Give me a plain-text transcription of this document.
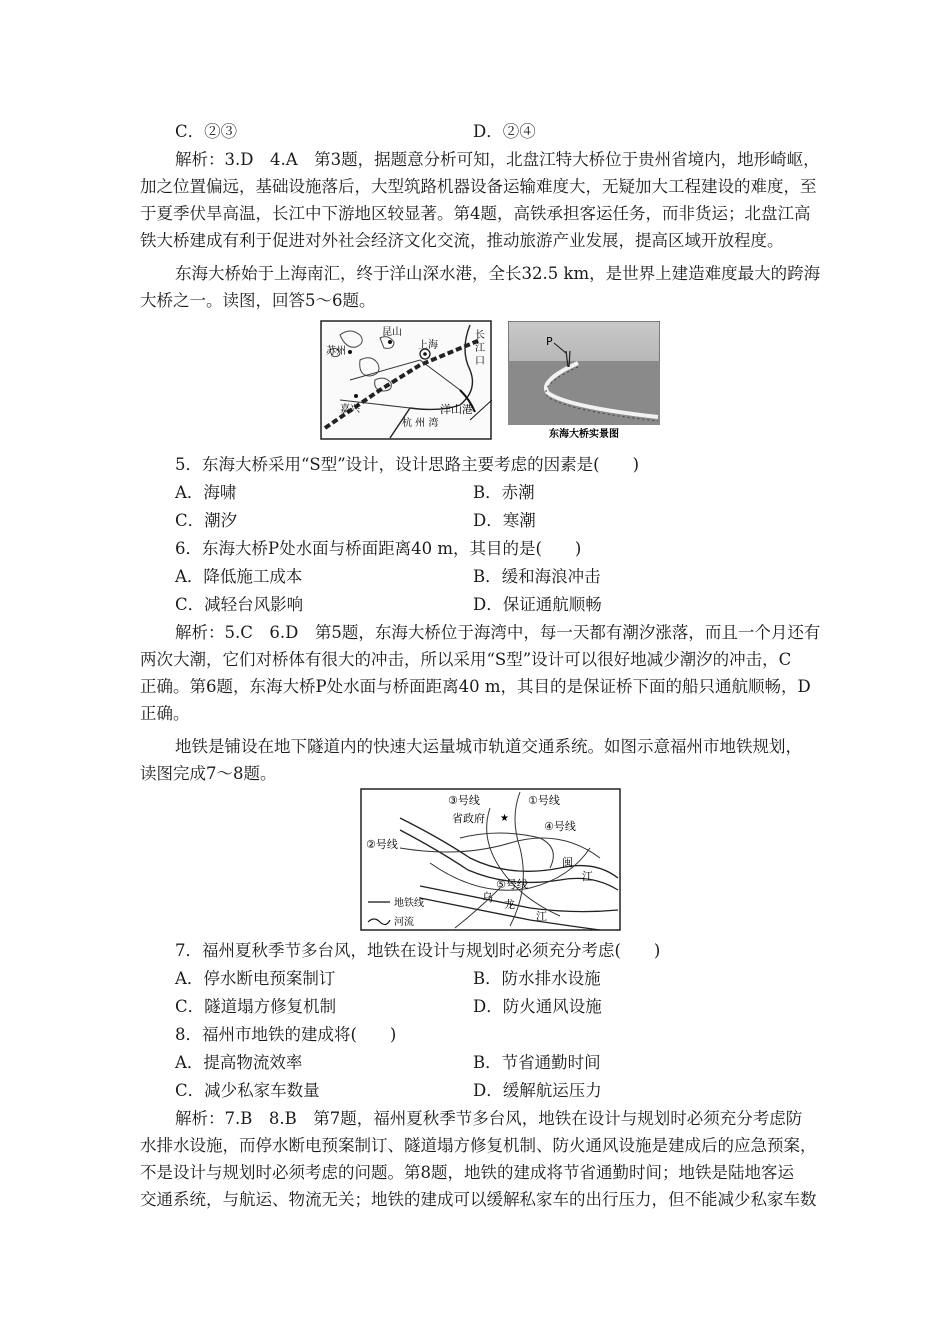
C．②③	D．②④
解析：3.D　4.A　第3题，据题意分析可知，北盘江特大桥位于贵州省境内，地形崎岖，
加之位置偏远，基础设施落后，大型筑路机器设备运输难度大，无疑加大工程建设的难度，至
于夏季伏旱高温，长江中下游地区较显著。第4题，高铁承担客运任务，而非货运；北盘江高
铁大桥建成有利于促进对外社会经济文化交流，推动旅游产业发展，提高区域开放程度。
东海大桥始于上海南汇，终于洋山深水港，全长32.5 km，是世界上建造难度最大的跨海
大桥之一。读图，回答5～6题。
昆山
苏州
上海
嘉兴	洋山港
杭 州 湾
长
江
口
P
东海大桥实景图
5．东海大桥采用“S型”设计，设计思路主要考虑的因素是(　　)
A．海啸	B．赤潮
C．潮汐	D．寒潮
6．东海大桥P处水面与桥面距离40 m，其目的是(　　)
A．降低施工成本	B．缓和海浪冲击
C．减轻台风影响	D．保证通航顺畅
解析：5.C　6.D　第5题，东海大桥位于海湾中，每一天都有潮汐涨落，而且一个月还有
两次大潮，它们对桥体有很大的冲击，所以采用“S型”设计可以很好地减少潮汐的冲击，C
正确。第6题，东海大桥P处水面与桥面距离40 m，其目的是保证桥下面的船只通航顺畅，D
正确。
地铁是铺设在地下隧道内的快速大运量城市轨道交通系统。如图示意福州市地铁规划，
读图完成7～8题。
③号线	①号线
省政府 ★
④号线
②号线
⑤号线
闽
江
乌
龙
江
地铁线
河流
7．福州夏秋季节多台风，地铁在设计与规划时必须充分考虑(　　)
A．停水断电预案制订	B．防水排水设施
C．隧道塌方修复机制	D．防火通风设施
8．福州市地铁的建成将(　　)
A．提高物流效率	B．节省通勤时间
C．减少私家车数量	D．缓解航运压力
解析：7.B　8.B　第7题，福州夏秋季节多台风，地铁在设计与规划时必须充分考虑防
水排水设施，而停水断电预案制订、隧道塌方修复机制、防火通风设施是建成后的应急预案，
不是设计与规划时必须考虑的问题。第8题，地铁的建成将节省通勤时间；地铁是陆地客运
交通系统，与航运、物流无关；地铁的建成可以缓解私家车的出行压力，但不能减少私家车数
